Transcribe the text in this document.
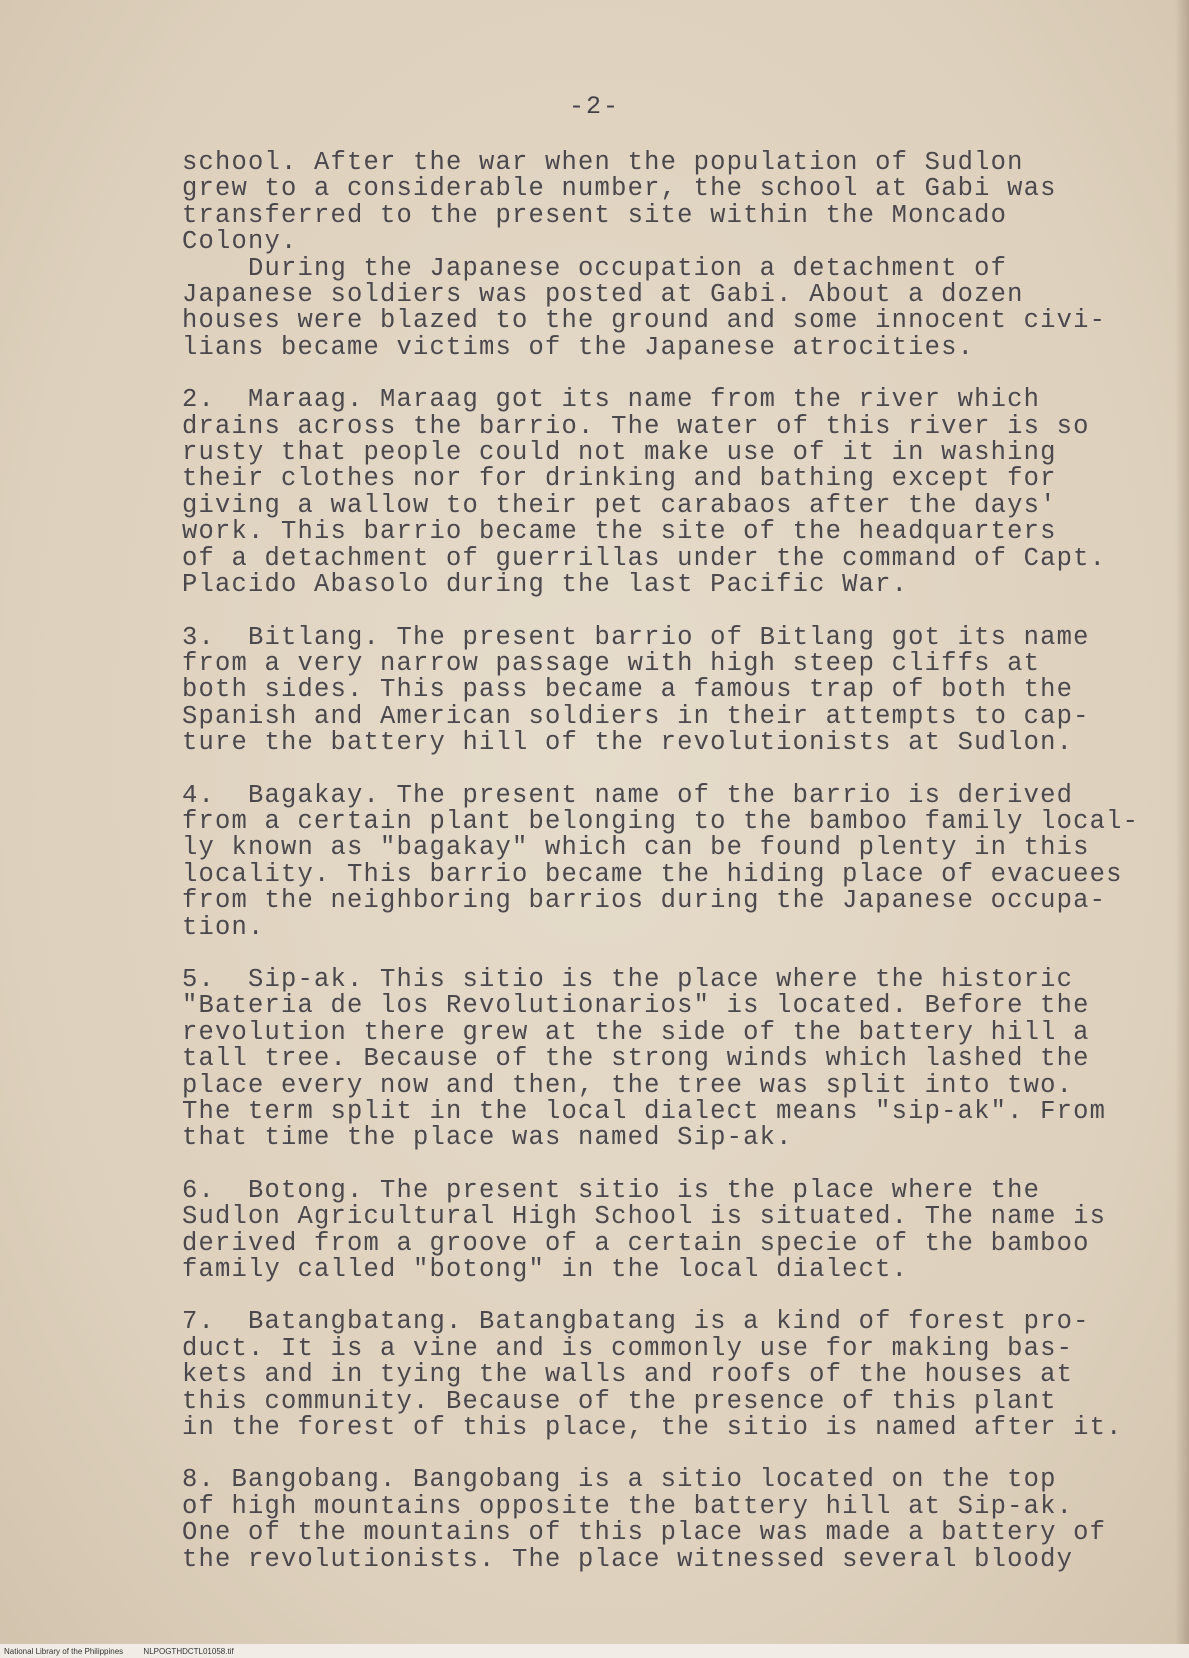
-2-
school. After the war when the population of Sudlon
grew to a considerable number, the school at Gabi was
transferred to the present site within the Moncado
Colony.
During the Japanese occupation a detachment of
Japanese soldiers was posted at Gabi. About a dozen
houses were blazed to the ground and some innocent civi-
lians became victims of the Japanese atrocities.
2.  Maraag. Maraag got its name from the river which
drains across the barrio. The water of this river is so
rusty that people could not make use of it in washing
their clothes nor for drinking and bathing except for
giving a wallow to their pet carabaos after the days'
work. This barrio became the site of the headquarters
of a detachment of guerrillas under the command of Capt.
Placido Abasolo during the last Pacific War.
3.  Bitlang. The present barrio of Bitlang got its name
from a very narrow passage with high steep cliffs at
both sides. This pass became a famous trap of both the
Spanish and American soldiers in their attempts to cap-
ture the battery hill of the revolutionists at Sudlon.
4.  Bagakay. The present name of the barrio is derived
from a certain plant belonging to the bamboo family local-
ly known as "bagakay" which can be found plenty in this
locality. This barrio became the hiding place of evacuees
from the neighboring barrios during the Japanese occupa-
tion.
5.  Sip-ak. This sitio is the place where the historic
"Bateria de los Revolutionarios" is located. Before the
revolution there grew at the side of the battery hill a
tall tree. Because of the strong winds which lashed the
place every now and then, the tree was split into two.
The term split in the local dialect means "sip-ak". From
that time the place was named Sip-ak.
6.  Botong. The present sitio is the place where the
Sudlon Agricultural High School is situated. The name is
derived from a groove of a certain specie of the bamboo
family called "botong" in the local dialect.
7.  Batangbatang. Batangbatang is a kind of forest pro-
duct. It is a vine and is commonly use for making bas-
kets and in tying the walls and roofs of the houses at
this community. Because of the presence of this plant
in the forest of this place, the sitio is named after it.
8. Bangobang. Bangobang is a sitio located on the top
of high mountains opposite the battery hill at Sip-ak.
One of the mountains of this place was made a battery of
the revolutionists. The place witnessed several bloody
National Library of the Philippines	NLPOGTHDCTL01058.tif
